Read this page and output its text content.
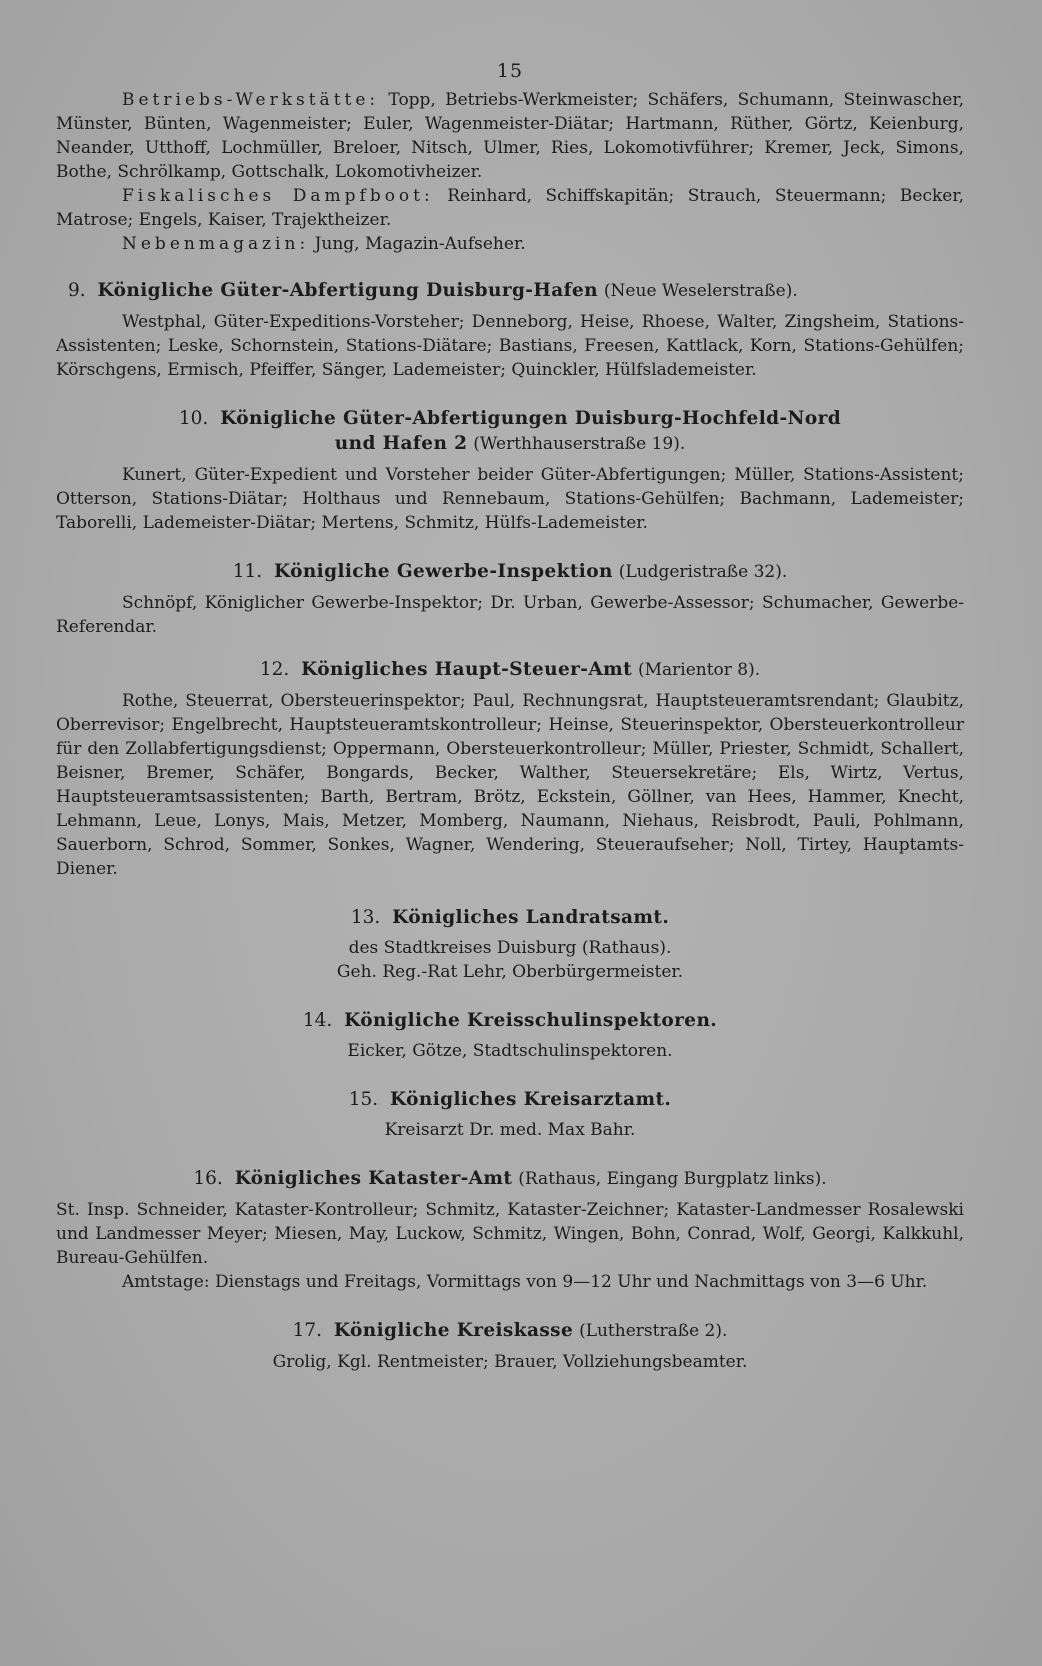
15

Betriebs-Werkstätte: Topp, Betriebs-Werkmeister; Schäfers, Schumann, Steinwascher, Münster, Bünten, Wagenmeister; Euler, Wagenmeister-Diätar; Hartmann, Rüther, Görtz, Keienburg, Neander, Utthoff, Lochmüller, Breloer, Nitsch, Ulmer, Ries, Lokomotivführer; Kremer, Jeck, Simons, Bothe, Schrölkamp, Gottschalk, Lokomotivheizer.

Fiskalisches Dampfboot: Reinhard, Schiffskapitän; Strauch, Steuermann; Becker, Matrose; Engels, Kaiser, Trajektheizer.

Nebenmagazin: Jung, Magazin-Aufseher.

9. Königliche Güter-Abfertigung Duisburg-Hafen (Neue Weselerstraße).

Westphal, Güter-Expeditions-Vorsteher; Denneborg, Heise, Rhoese, Walter, Zingsheim, Stations-Assistenten; Leske, Schornstein, Stations-Diätare; Bastians, Freesen, Kattlack, Korn, Stations-Gehülfen; Körschgens, Ermisch, Pfeiffer, Sänger, Lademeister; Quinckler, Hülfslademeister.

10. Königliche Güter-Abfertigungen Duisburg-Hochfeld-Nord
und Hafen 2 (Werthhauserstraße 19).

Kunert, Güter-Expedient und Vorsteher beider Güter-Abfertigungen; Müller, Stations-Assistent; Otterson, Stations-Diätar; Holthaus und Rennebaum, Stations-Gehülfen; Bachmann, Lademeister; Taborelli, Lademeister-Diätar; Mertens, Schmitz, Hülfs-Lademeister.

11. Königliche Gewerbe-Inspektion (Ludgeristraße 32).

Schnöpf, Königlicher Gewerbe-Inspektor; Dr. Urban, Gewerbe-Assessor; Schumacher, Gewerbe-Referendar.

12. Königliches Haupt-Steuer-Amt (Marientor 8).

Rothe, Steuerrat, Obersteuerinspektor; Paul, Rechnungsrat, Hauptsteueramtsrendant; Glaubitz, Oberrevisor; Engelbrecht, Hauptsteueramtskontrolleur; Heinse, Steuerinspektor, Obersteuerkontrolleur für den Zollabfertigungsdienst; Oppermann, Obersteuerkontrolleur; Müller, Priester, Schmidt, Schallert, Beisner, Bremer, Schäfer, Bongards, Becker, Walther, Steuersekretäre; Els, Wirtz, Vertus, Hauptsteueramtsassistenten; Barth, Bertram, Brötz, Eckstein, Göllner, van Hees, Hammer, Knecht, Lehmann, Leue, Lonys, Mais, Metzer, Momberg, Naumann, Niehaus, Reisbrodt, Pauli, Pohlmann, Sauerborn, Schrod, Sommer, Sonkes, Wagner, Wendering, Steueraufseher; Noll, Tirtey, Hauptamts-Diener.

13. Königliches Landratsamt.

des Stadtkreises Duisburg (Rathaus).

Geh. Reg.-Rat Lehr, Oberbürgermeister.

14. Königliche Kreisschulinspektoren.

Eicker, Götze, Stadtschulinspektoren.

15. Königliches Kreisarztamt.

Kreisarzt Dr. med. Max Bahr.

16. Königliches Kataster-Amt (Rathaus, Eingang Burgplatz links).

St. Insp. Schneider, Kataster-Kontrolleur; Schmitz, Kataster-Zeichner; Kataster-Landmesser Rosalewski und Landmesser Meyer; Miesen, May, Luckow, Schmitz, Wingen, Bohn, Conrad, Wolf, Georgi, Kalkkuhl, Bureau-Gehülfen.

Amtstage: Dienstags und Freitags, Vormittags von 9—12 Uhr und Nachmittags von 3—6 Uhr.

17. Königliche Kreiskasse (Lutherstraße 2).

Grolig, Kgl. Rentmeister; Brauer, Vollziehungsbeamter.
